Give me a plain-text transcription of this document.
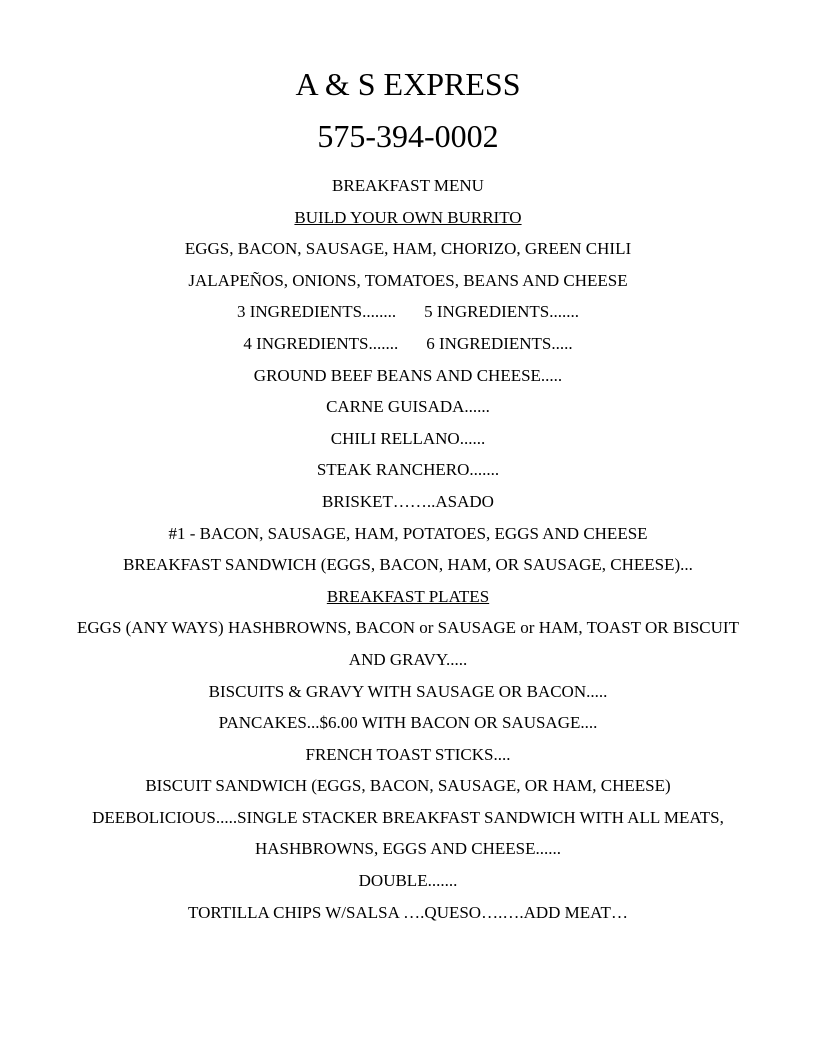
A & S EXPRESS
575-394-0002
BREAKFAST MENU
BUILD YOUR OWN BURRITO
EGGS, BACON, SAUSAGE, HAM, CHORIZO, GREEN CHILI
JALAPEÑOS, ONIONS, TOMATOES, BEANS AND CHEESE
3 INGREDIENTS........ 5 INGREDIENTS.......
4 INGREDIENTS....... 6 INGREDIENTS.....
GROUND BEEF BEANS AND CHEESE.....
CARNE GUISADA......
CHILI RELLANO......
STEAK RANCHERO.......
BRISKET……..ASADO
#1 - BACON, SAUSAGE, HAM, POTATOES, EGGS AND CHEESE
BREAKFAST SANDWICH (EGGS, BACON, HAM, OR SAUSAGE, CHEESE)...
BREAKFAST PLATES
EGGS (ANY WAYS) HASHBROWNS, BACON or SAUSAGE or HAM, TOAST OR BISCUIT
AND GRAVY.....
BISCUITS & GRAVY WITH SAUSAGE OR BACON.....
PANCAKES...$6.00 WITH BACON OR SAUSAGE....
FRENCH TOAST STICKS....
BISCUIT SANDWICH (EGGS, BACON, SAUSAGE, OR HAM, CHEESE)
DEEBOLICIOUS.....SINGLE STACKER BREAKFAST SANDWICH WITH ALL MEATS,
HASHBROWNS, EGGS AND CHEESE......
DOUBLE.......
TORTILLA CHIPS W/SALSA ….QUESO….….ADD MEAT…
